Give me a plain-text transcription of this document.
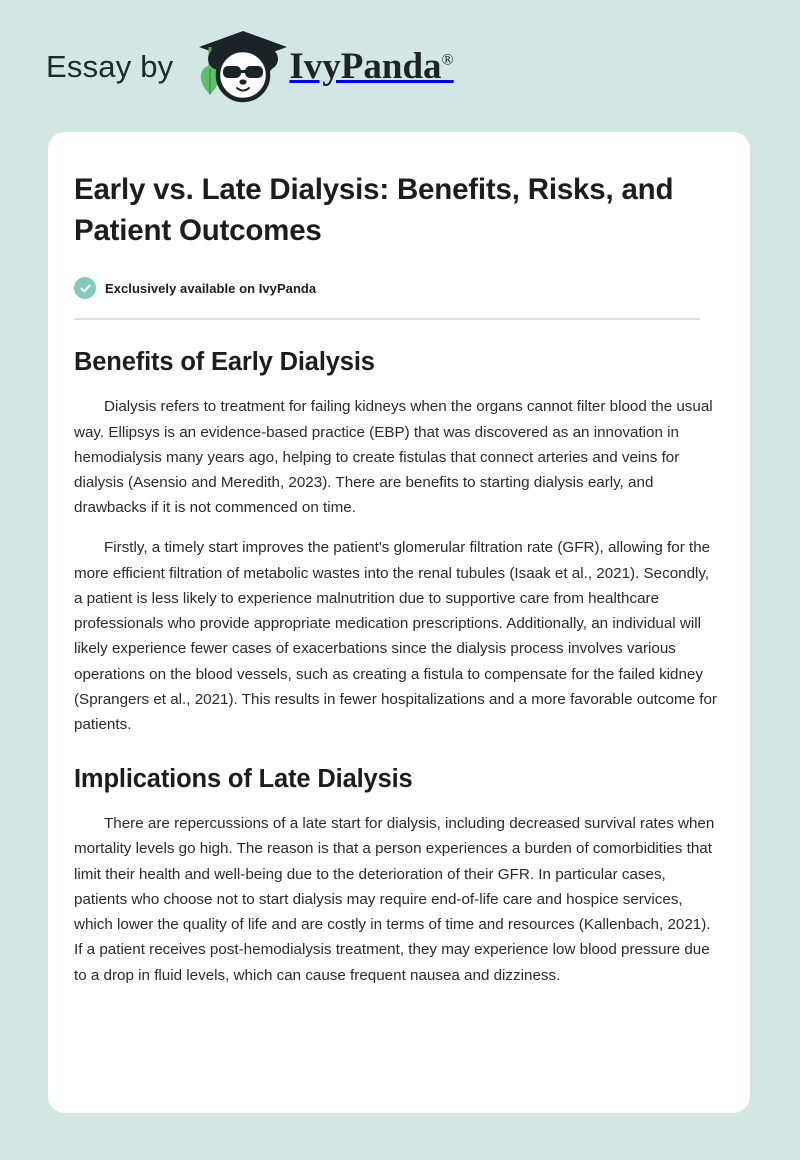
Essay by	IvyPanda®
Early vs. Late Dialysis: Benefits, Risks, and Patient Outcomes
Exclusively available on IvyPanda
Benefits of Early Dialysis

Dialysis refers to treatment for failing kidneys when the organs cannot filter blood the usual way. Ellipsys is an evidence-based practice (EBP) that was discovered as an innovation in hemodialysis many years ago, helping to create fistulas that connect arteries and veins for dialysis (Asensio and Meredith, 2023). There are benefits to starting dialysis early, and drawbacks if it is not commenced on time.

Firstly, a timely start improves the patient's glomerular filtration rate (GFR), allowing for the more efficient filtration of metabolic wastes into the renal tubules (Isaak et al., 2021). Secondly, a patient is less likely to experience malnutrition due to supportive care from healthcare professionals who provide appropriate medication prescriptions. Additionally, an individual will likely experience fewer cases of exacerbations since the dialysis process involves various operations on the blood vessels, such as creating a fistula to compensate for the failed kidney (Sprangers et al., 2021). This results in fewer hospitalizations and a more favorable outcome for patients.

Implications of Late Dialysis

There are repercussions of a late start for dialysis, including decreased survival rates when mortality levels go high. The reason is that a person experiences a burden of comorbidities that limit their health and well-being due to the deterioration of their GFR. In particular cases, patients who choose not to start dialysis may require end-of-life care and hospice services, which lower the quality of life and are costly in terms of time and resources (Kallenbach, 2021). If a patient receives post-hemodialysis treatment, they may experience low blood pressure due to a drop in fluid levels, which can cause frequent nausea and dizziness.
